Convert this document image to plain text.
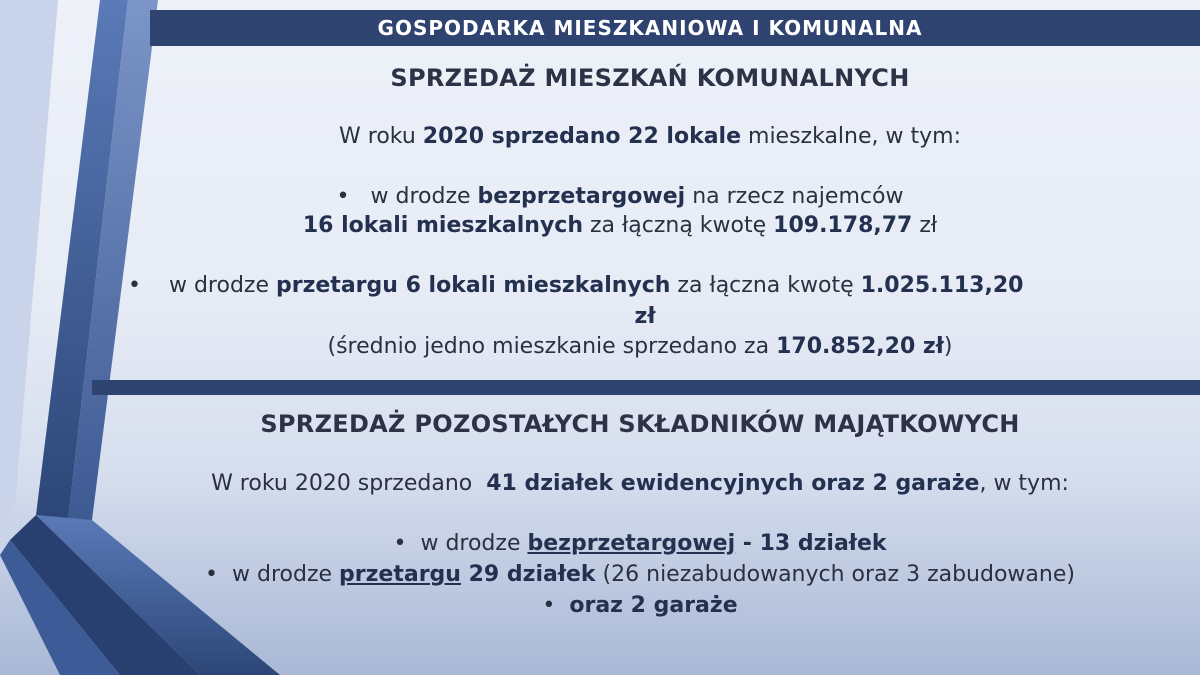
GOSPODARKA MIESZKANIOWA I KOMUNALNA
SPRZEDAŻ MIESZKAŃ KOMUNALNYCH
W roku 2020 sprzedano 22 lokale mieszkalne, w tym:
• w drodze bezprzetargowej na rzecz najemców
16 lokali mieszkalnych za łączną kwotę 109.178,77 zł
• w drodze przetargu 6 lokali mieszkalnych za łączna kwotę 1.025.113,20
zł
(średnio jedno mieszkanie sprzedano za 170.852,20 zł)
SPRZEDAŻ POZOSTAŁYCH SKŁADNIKÓW MAJĄTKOWYCH
W roku 2020 sprzedano  41 działek ewidencyjnych oraz 2 garaże, w tym:
• w drodze bezprzetargowej - 13 działek
• w drodze przetargu 29 działek (26 niezabudowanych oraz 3 zabudowane)
• oraz 2 garaże
